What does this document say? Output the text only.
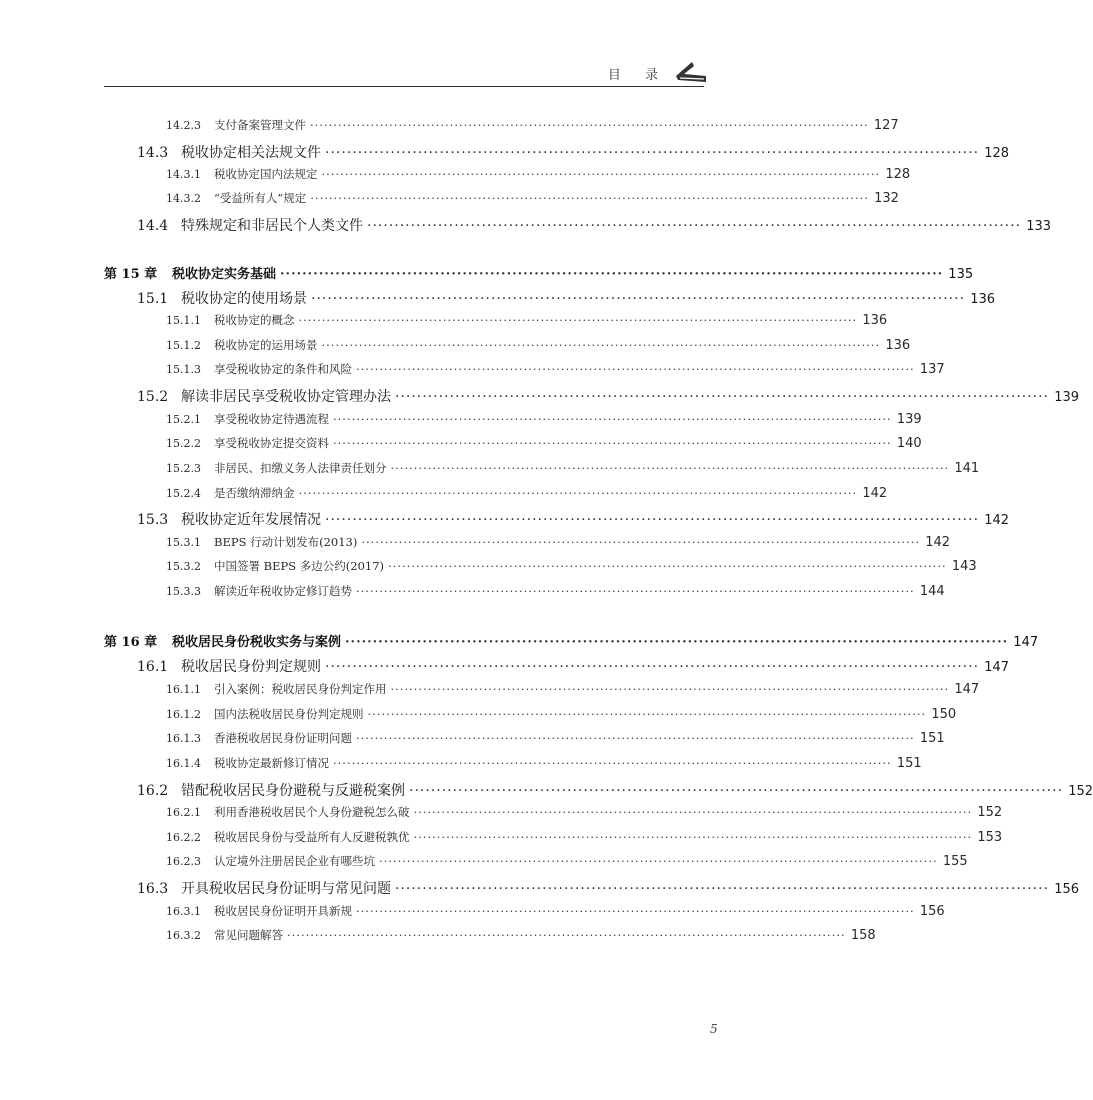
目 录
14.2.3	支付备案管理文件 ························································································································ 127
14.3 税收协定相关法规文件 ························································································································ 128
14.3.1	税收协定国内法规定 ························································································································ 128
14.3.2	“受益所有人”规定 ························································································································ 132
14.4 特殊规定和非居民个人类文件 ························································································································ 133
第 15 章	税收协定实务基础 ························································································································ 135
15.1 税收协定的使用场景 ························································································································ 136
15.1.1	税收协定的概念 ························································································································ 136
15.1.2	税收协定的运用场景 ························································································································ 136
15.1.3	享受税收协定的条件和风险 ························································································································ 137
15.2 解读非居民享受税收协定管理办法 ························································································································ 139
15.2.1	享受税收协定待遇流程 ························································································································ 139
15.2.2	享受税收协定提交资料 ························································································································ 140
15.2.3	非居民、扣缴义务人法律责任划分 ························································································································ 141
15.2.4	是否缴纳滞纳金 ························································································································ 142
15.3 税收协定近年发展情况 ························································································································ 142
15.3.1	BEPS 行动计划发布(2013) ························································································································ 142
15.3.2	中国签署 BEPS 多边公约(2017) ························································································································ 143
15.3.3	解读近年税收协定修订趋势 ························································································································ 144
第 16 章	税收居民身份税收实务与案例 ························································································································ 147
16.1 税收居民身份判定规则 ························································································································ 147
16.1.1	引入案例：税收居民身份判定作用 ························································································································ 147
16.1.2	国内法税收居民身份判定规则 ························································································································ 150
16.1.3	香港税收居民身份证明问题 ························································································································ 151
16.1.4	税收协定最新修订情况 ························································································································ 151
16.2 错配税收居民身份避税与反避税案例 ························································································································ 152
16.2.1	利用香港税收居民个人身份避税怎么破 ························································································································ 152
16.2.2	税收居民身份与受益所有人反避税孰优 ························································································································ 153
16.2.3	认定境外注册居民企业有哪些坑 ························································································································ 155
16.3 开具税收居民身份证明与常见问题 ························································································································ 156
16.3.1	税收居民身份证明开具新规 ························································································································ 156
16.3.2	常见问题解答 ························································································································ 158
5
